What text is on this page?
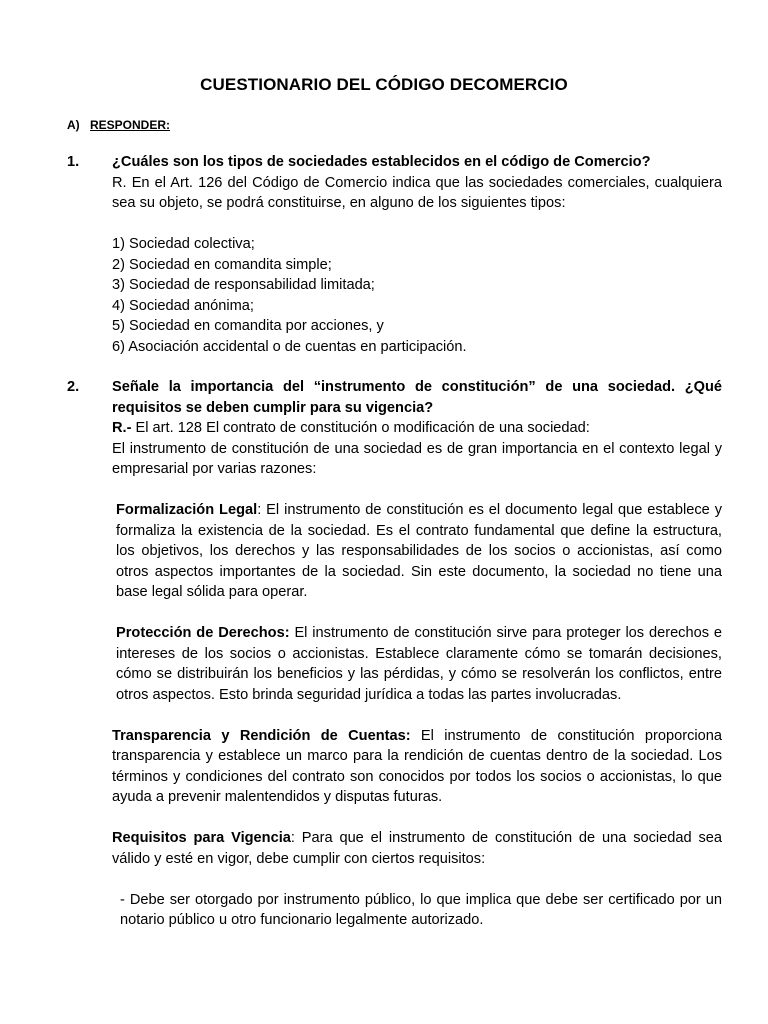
CUESTIONARIO DEL CÓDIGO DECOMERCIO
A) RESPONDER:
1. ¿Cuáles son los tipos de sociedades establecidos en el código de Comercio?

R. En el Art. 126 del Código de Comercio indica que las sociedades comerciales, cualquiera sea su objeto, se podrá constituirse, en alguno de los siguientes tipos:

1) Sociedad colectiva;

2) Sociedad en comandita simple;

3) Sociedad de responsabilidad limitada;

4) Sociedad anónima;

5) Sociedad en comandita por acciones, y

6) Asociación accidental o de cuentas en participación.

2. Señale la importancia del “instrumento de constitución” de una sociedad. ¿Qué requisitos se deben cumplir para su vigencia?

R.- El art. 128 El contrato de constitución o modificación de una sociedad:

El instrumento de constitución de una sociedad es de gran importancia en el contexto legal y empresarial por varias razones:

Formalización Legal: El instrumento de constitución es el documento legal que establece y formaliza la existencia de la sociedad. Es el contrato fundamental que define la estructura, los objetivos, los derechos y las responsabilidades de los socios o accionistas, así como otros aspectos importantes de la sociedad. Sin este documento, la sociedad no tiene una base legal sólida para operar.

Protección de Derechos: El instrumento de constitución sirve para proteger los derechos e intereses de los socios o accionistas. Establece claramente cómo se tomarán decisiones, cómo se distribuirán los beneficios y las pérdidas, y cómo se resolverán los conflictos, entre otros aspectos. Esto brinda seguridad jurídica a todas las partes involucradas.

Transparencia y Rendición de Cuentas: El instrumento de constitución proporciona transparencia y establece un marco para la rendición de cuentas dentro de la sociedad. Los términos y condiciones del contrato son conocidos por todos los socios o accionistas, lo que ayuda a prevenir malentendidos y disputas futuras.

Requisitos para Vigencia: Para que el instrumento de constitución de una sociedad sea válido y esté en vigor, debe cumplir con ciertos requisitos:

- Debe ser otorgado por instrumento público, lo que implica que debe ser certificado por un notario público u otro funcionario legalmente autorizado.
